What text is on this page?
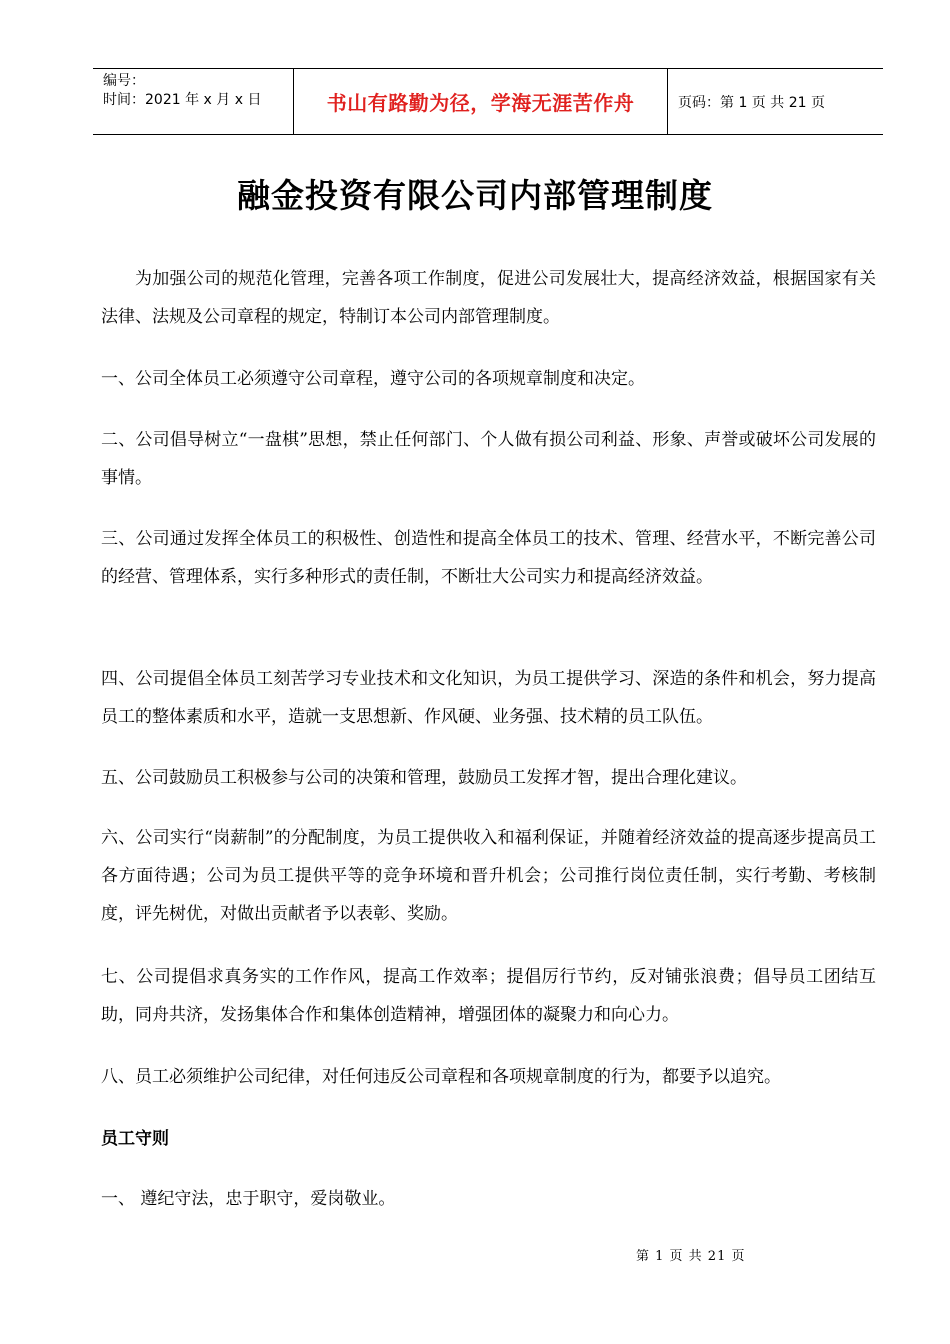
编号：
时间：2021 年 x 月 x 日	书山有路勤为径，学海无涯苦作舟	页码：第 1 页 共 21 页
融金投资有限公司内部管理制度

为加强公司的规范化管理，完善各项工作制度，促进公司发展壮大，提高经济效益，根据国家有关法律、法规及公司章程的规定，特制订本公司内部管理制度。

一、公司全体员工必须遵守公司章程，遵守公司的各项规章制度和决定。

二、公司倡导树立“一盘棋”思想，禁止任何部门、个人做有损公司利益、形象、声誉或破坏公司发展的事情。

三、公司通过发挥全体员工的积极性、创造性和提高全体员工的技术、管理、经营水平，不断完善公司的经营、管理体系，实行多种形式的责任制，不断壮大公司实力和提高经济效益。

四、公司提倡全体员工刻苦学习专业技术和文化知识，为员工提供学习、深造的条件和机会，努力提高员工的整体素质和水平，造就一支思想新、作风硬、业务强、技术精的员工队伍。

五、公司鼓励员工积极参与公司的决策和管理，鼓励员工发挥才智，提出合理化建议。

六、公司实行“岗薪制”的分配制度，为员工提供收入和福利保证，并随着经济效益的提高逐步提高员工各方面待遇；公司为员工提供平等的竞争环境和晋升机会；公司推行岗位责任制，实行考勤、考核制度，评先树优，对做出贡献者予以表彰、奖励。

七、公司提倡求真务实的工作作风，提高工作效率；提倡厉行节约，反对铺张浪费；倡导员工团结互助，同舟共济，发扬集体合作和集体创造精神，增强团体的凝聚力和向心力。

八、员工必须维护公司纪律，对任何违反公司章程和各项规章制度的行为，都要予以追究。

员工守则

一、 遵纪守法，忠于职守，爱岗敬业。

第 1 页 共 21 页
